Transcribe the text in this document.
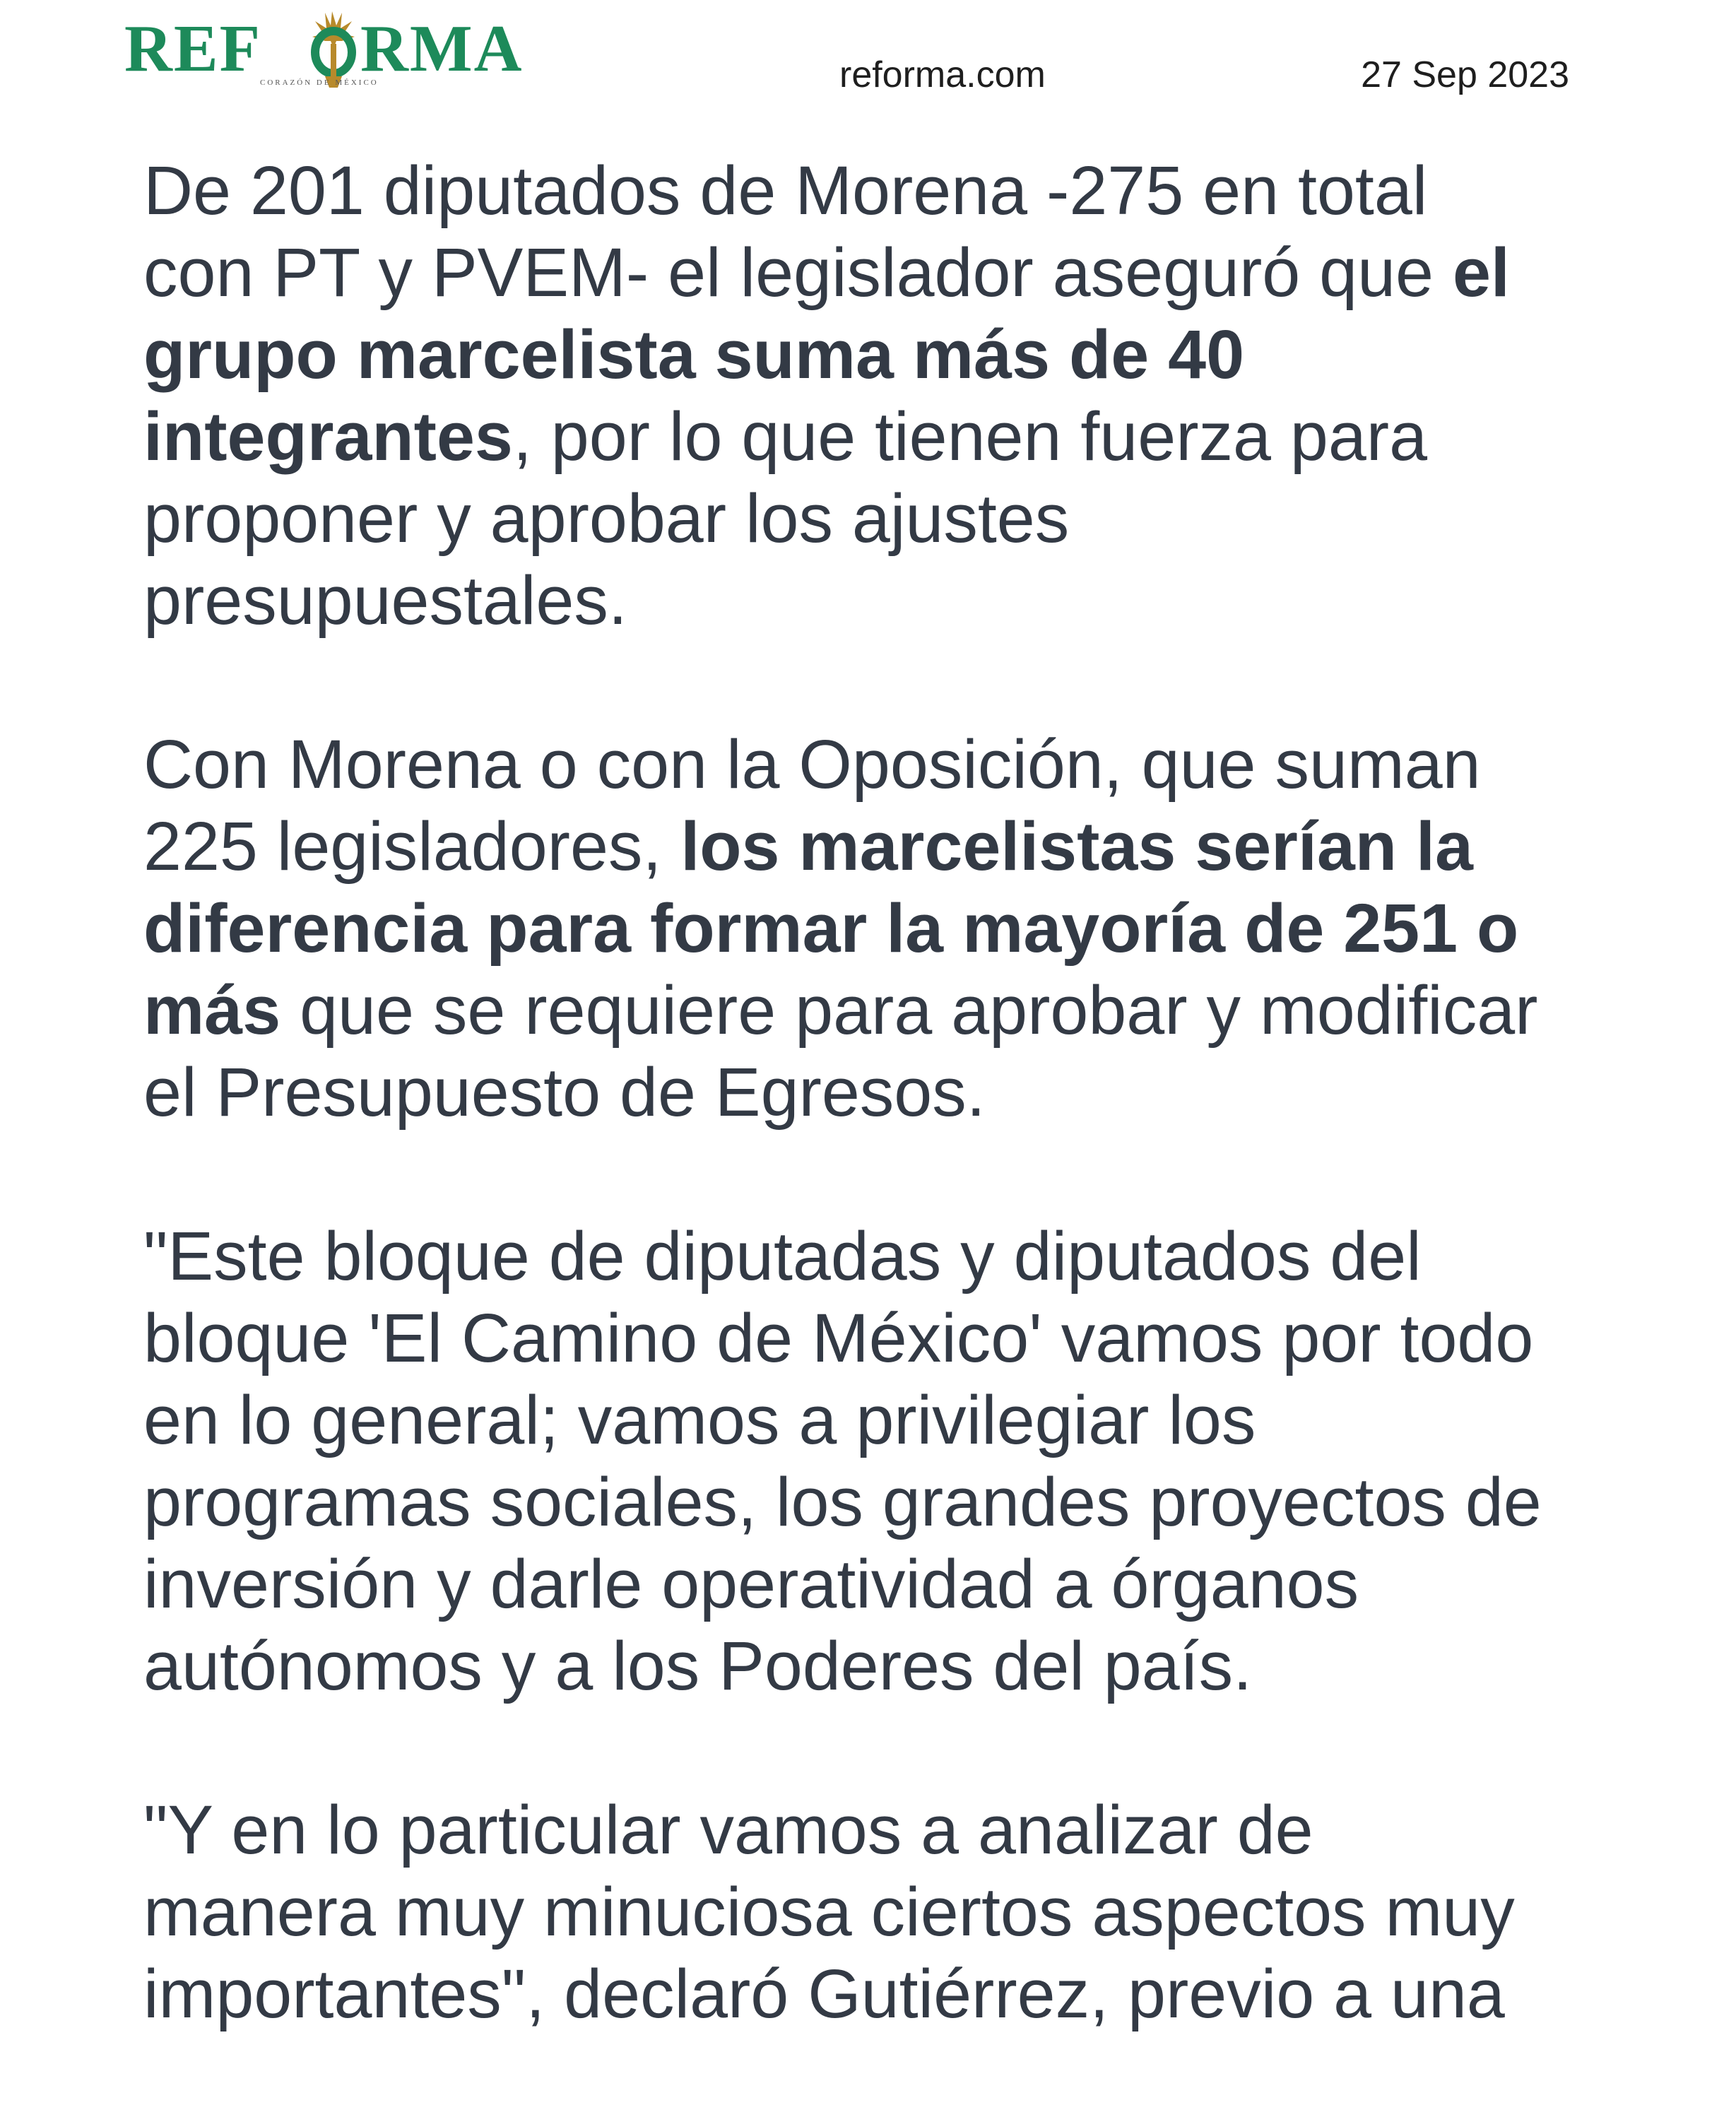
REF RMA
CORAZÓN DE MÉXICO	reforma.com	27 Sep 2023

De 201 diputados de Morena -275 en total
con PT y PVEM- el legislador aseguró que el
grupo marcelista suma más de 40
integrantes, por lo que tienen fuerza para
proponer y aprobar los ajustes
presupuestales.

Con Morena o con la Oposición, que suman
225 legisladores, los marcelistas serían la
diferencia para formar la mayoría de 251 o
más que se requiere para aprobar y modificar
el Presupuesto de Egresos.

"Este bloque de diputadas y diputados del
bloque 'El Camino de México' vamos por todo
en lo general; vamos a privilegiar los
programas sociales, los grandes proyectos de
inversión y darle operatividad a órganos
autónomos y a los Poderes del país.

"Y en lo particular vamos a analizar de
manera muy minuciosa ciertos aspectos muy
importantes", declaró Gutiérrez, previo a una
